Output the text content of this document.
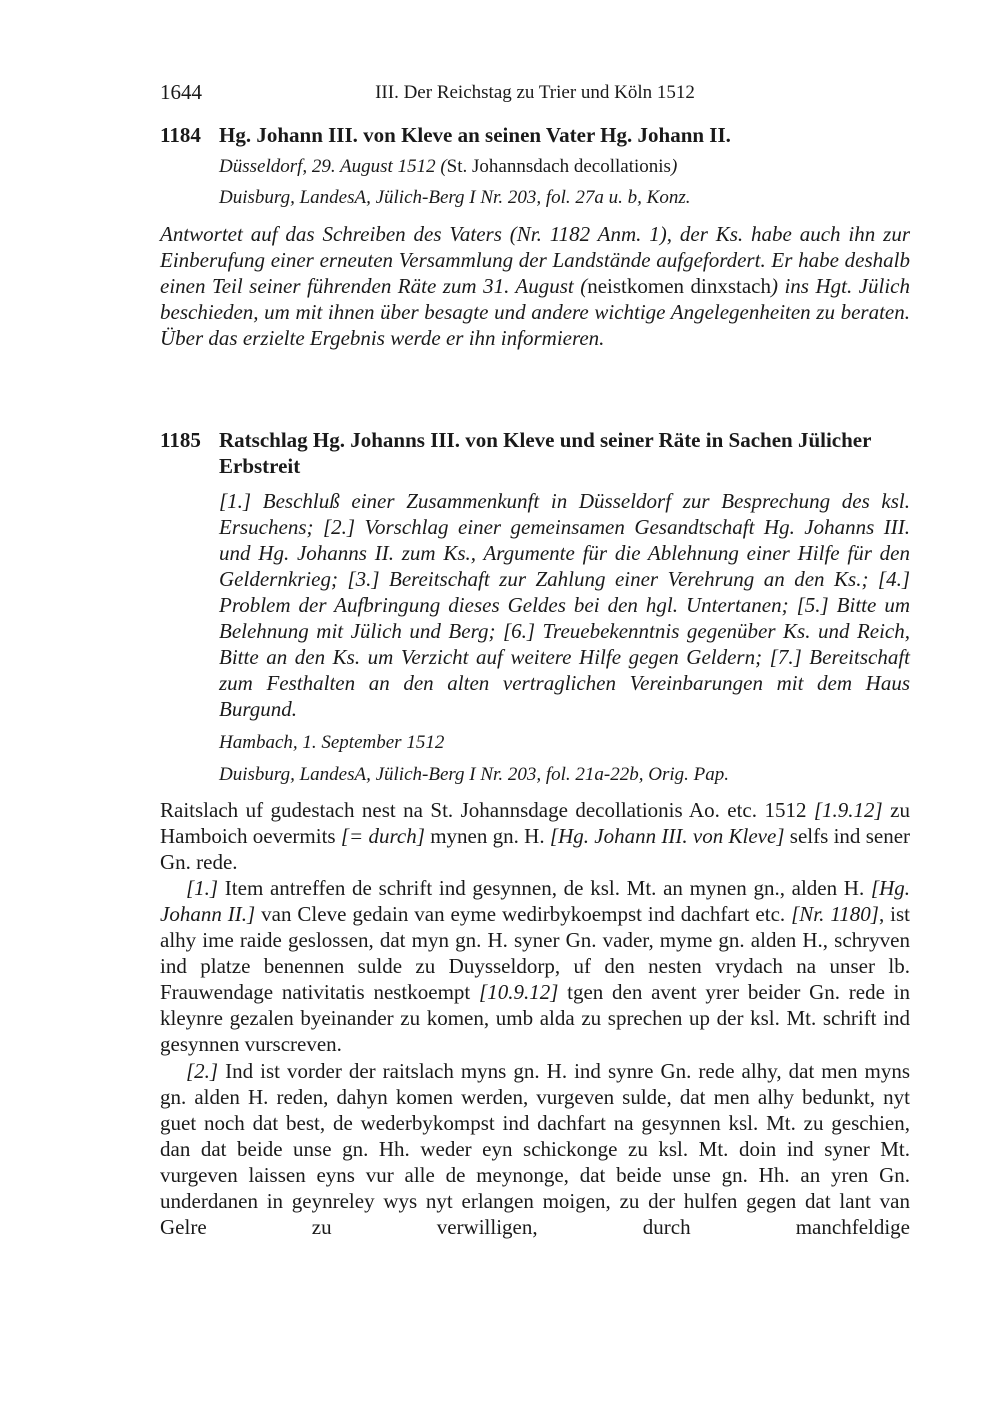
1644	III. Der Reichstag zu Trier und Köln 1512
1184 Hg. Johann III. von Kleve an seinen Vater Hg. Johann II.
Düsseldorf, 29. August 1512 (St. Johannsdach decollationis)
Duisburg, LandesA, Jülich-Berg I Nr. 203, fol. 27a u. b, Konz.
Antwortet auf das Schreiben des Vaters (Nr. 1182 Anm. 1), der Ks. habe auch ihn zur Einberufung einer erneuten Versammlung der Landstände aufgefordert. Er habe deshalb einen Teil seiner führenden Räte zum 31. August (neistkomen dinxstach) ins Hgt. Jülich beschieden, um mit ihnen über besagte und andere wichtige Angelegenheiten zu beraten. Über das erzielte Ergebnis werde er ihn informieren.
1185 Ratschlag Hg. Johanns III. von Kleve und seiner Räte in Sachen Jülicher Erbstreit
[1.] Beschluß einer Zusammenkunft in Düsseldorf zur Besprechung des ksl. Ersuchens; [2.] Vorschlag einer gemeinsamen Gesandtschaft Hg. Johanns III. und Hg. Johanns II. zum Ks., Argumente für die Ablehnung einer Hilfe für den Geldernkrieg; [3.] Bereitschaft zur Zahlung einer Verehrung an den Ks.; [4.] Problem der Aufbringung dieses Geldes bei den hgl. Untertanen; [5.] Bitte um Belehnung mit Jülich und Berg; [6.] Treuebekenntnis gegenüber Ks. und Reich, Bitte an den Ks. um Verzicht auf weitere Hilfe gegen Geldern; [7.] Bereitschaft zum Festhalten an den alten vertraglichen Vereinbarungen mit dem Haus Burgund.
Hambach, 1. September 1512
Duisburg, LandesA, Jülich-Berg I Nr. 203, fol. 21a-22b, Orig. Pap.
Raitslach uf gudestach nest na St. Johannsdage decollationis Ao. etc. 1512 [1.9.12] zu Hamboich oevermits [= durch] mynen gn. H. [Hg. Johann III. von Kleve] selfs ind sener Gn. rede.
[1.] Item antreffen de schrift ind gesynnen, de ksl. Mt. an mynen gn., alden H. [Hg. Johann II.] van Cleve gedain van eyme wedirbykoempst ind dachfart etc. [Nr. 1180], ist alhy ime raide geslossen, dat myn gn. H. syner Gn. vader, myme gn. alden H., schryven ind platze benennen sulde zu Duysseldorp, uf den nesten vrydach na unser lb. Frauwendage nativitatis nestkoempt [10.9.12] tgen den avent yrer beider Gn. rede in kleynre gezalen byeinander zu komen, umb alda zu sprechen up der ksl. Mt. schrift ind gesynnen vurscreven.
[2.] Ind ist vorder der raitslach myns gn. H. ind synre Gn. rede alhy, dat men myns gn. alden H. reden, dahyn komen werden, vurgeven sulde, dat men alhy bedunkt, nyt guet noch dat best, de wederbykompst ind dachfart na gesynnen ksl. Mt. zu geschien, dan dat beide unse gn. Hh. weder eyn schickonge zu ksl. Mt. doin ind syner Mt. vurgeven laissen eyns vur alle de meynonge, dat beide unse gn. Hh. an yren Gn. underdanen in geynreley wys nyt erlangen moigen, zu der hulfen gegen dat lant van Gelre zu verwilligen, durch manchfeldige
